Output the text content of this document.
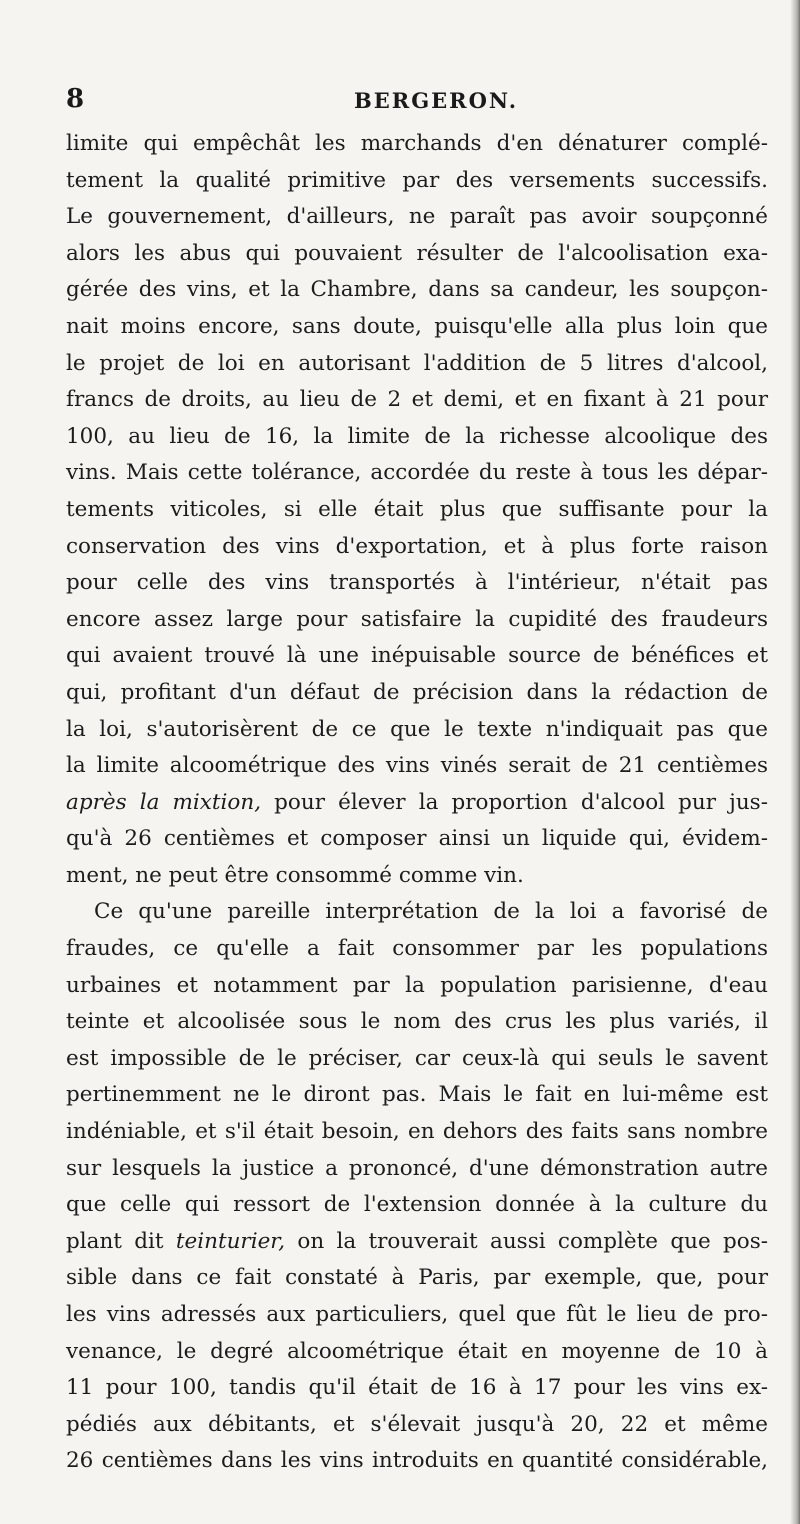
8	BERGERON.
limite qui empêchât les marchands d'en dénaturer complé-
tement la qualité primitive par des versements successifs.
Le gouvernement, d'ailleurs, ne paraît pas avoir soupçonné
alors les abus qui pouvaient résulter de l'alcoolisation exa-
gérée des vins, et la Chambre, dans sa candeur, les soupçon-
nait moins encore, sans doute, puisqu'elle alla plus loin que
le projet de loi en autorisant l'addition de 5 litres d'alcool,
francs de droits, au lieu de 2 et demi, et en fixant à 21 pour
100, au lieu de 16, la limite de la richesse alcoolique des
vins. Mais cette tolérance, accordée du reste à tous les dépar-
tements viticoles, si elle était plus que suffisante pour la
conservation des vins d'exportation, et à plus forte raison
pour celle des vins transportés à l'intérieur, n'était pas
encore assez large pour satisfaire la cupidité des fraudeurs
qui avaient trouvé là une inépuisable source de bénéfices et
qui, profitant d'un défaut de précision dans la rédaction de
la loi, s'autorisèrent de ce que le texte n'indiquait pas que
la limite alcoométrique des vins vinés serait de 21 centièmes
après la mixtion, pour élever la proportion d'alcool pur jus-
qu'à 26 centièmes et composer ainsi un liquide qui, évidem-
ment, ne peut être consommé comme vin.
Ce qu'une pareille interprétation de la loi a favorisé de
fraudes, ce qu'elle a fait consommer par les populations
urbaines et notamment par la population parisienne, d'eau
teinte et alcoolisée sous le nom des crus les plus variés, il
est impossible de le préciser, car ceux-là qui seuls le savent
pertinemment ne le diront pas. Mais le fait en lui-même est
indéniable, et s'il était besoin, en dehors des faits sans nombre
sur lesquels la justice a prononcé, d'une démonstration autre
que celle qui ressort de l'extension donnée à la culture du
plant dit teinturier, on la trouverait aussi complète que pos-
sible dans ce fait constaté à Paris, par exemple, que, pour
les vins adressés aux particuliers, quel que fût le lieu de pro-
venance, le degré alcoométrique était en moyenne de 10 à
11 pour 100, tandis qu'il était de 16 à 17 pour les vins ex-
pédiés aux débitants, et s'élevait jusqu'à 20, 22 et même
26 centièmes dans les vins introduits en quantité considérable,
